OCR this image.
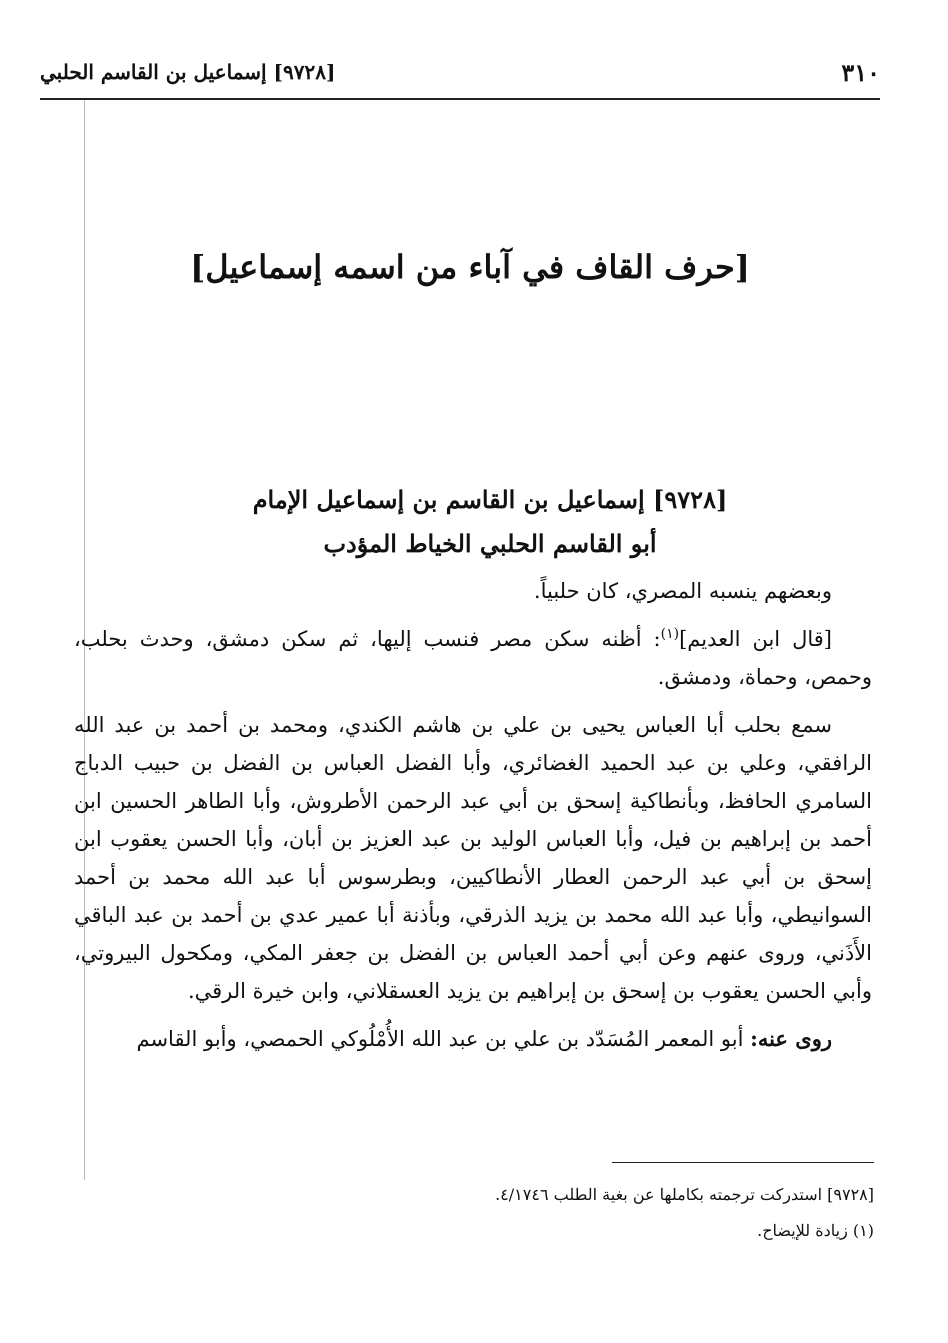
[٩٧٢٨] إسماعيل بن القاسم الحلبي	٣١٠
[حرف القاف في آباء من اسمه إسماعيل]
[٩٧٢٨] إسماعيل بن القاسم بن إسماعيل الإمام
أبو القاسم الحلبي الخياط المؤدب

وبعضهم ينسبه المصري، كان حلبياً.

[قال ابن العديم]$^{(١)}$: أظنه سكن مصر فنسب إليها، ثم سكن دمشق، وحدث بحلب، وحمص، وحماة، ودمشق.

سمع بحلب أبا العباس يحيى بن علي بن هاشم الكندي، ومحمد بن أحمد بن عبد الله الرافقي، وعلي بن عبد الحميد الغضائري، وأبا الفضل العباس بن الفضل بن حبيب الدباج السامري الحافظ، وبأنطاكية إسحق بن أبي عبد الرحمن الأطروش، وأبا الطاهر الحسين ابن أحمد بن إبراهيم بن فيل، وأبا العباس الوليد بن عبد العزيز بن أبان، وأبا الحسن يعقوب ابن إسحق بن أبي عبد الرحمن العطار الأنطاكيين، وبطرسوس أبا عبد الله محمد بن أحمد السوانيطي، وأبا عبد الله محمد بن يزيد الذرقي، وبأذنة أبا عمير عدي بن أحمد بن عبد الباقي الأَذَني، وروى عنهم وعن أبي أحمد العباس بن الفضل بن جعفر المكي، ومكحول البيروتي، وأبي الحسن يعقوب بن إسحق بن إبراهيم بن يزيد العسقلاني، وابن خيرة الرقي.

روى عنه: أبو المعمر المُسَدّد بن علي بن عبد الله الأُمْلُوكي الحمصي، وأبو القاسم

[٩٧٢٨] استدركت ترجمته بكاملها عن بغية الطلب ٤/١٧٤٦.

(١) زيادة للإيضاح.
